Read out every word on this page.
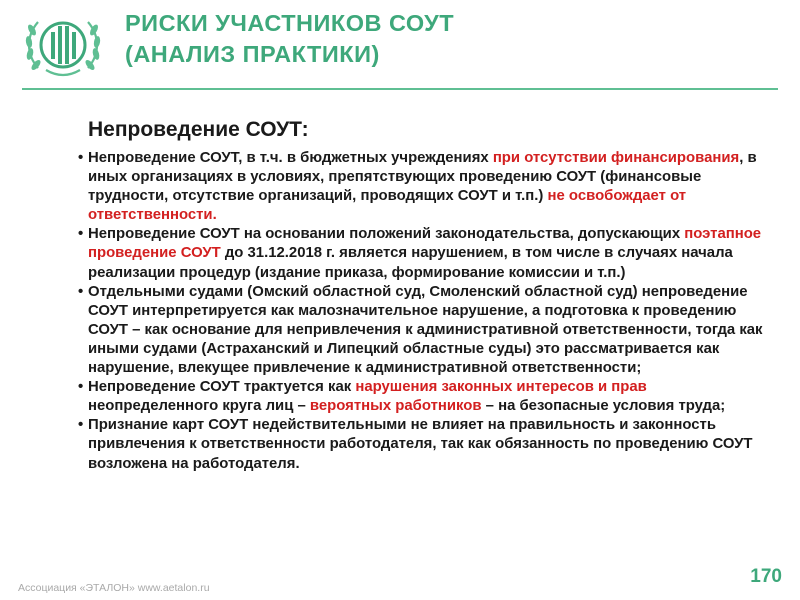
РИСКИ УЧАСТНИКОВ СОУТ
(АНАЛИЗ ПРАКТИКИ)
Непроведение СОУТ:
• Непроведение СОУТ, в т.ч. в бюджетных учреждениях при отсутствии финансирования, в иных организациях в условиях, препятствующих проведению СОУТ (финансовые трудности, отсутствие организаций, проводящих СОУТ и т.п.) не освобождает от ответственности.
• Непроведение СОУТ на основании положений законодательства, допускающих поэтапное проведение СОУТ до 31.12.2018 г. является нарушением, в том числе в случаях начала реализации процедур (издание приказа, формирование комиссии и т.п.)
• Отдельными судами (Омский областной суд, Смоленский областной суд) непроведение СОУТ интерпретируется как малозначительное нарушение, а подготовка к проведению СОУТ – как основание для непривлечения к административной ответственности, тогда как иными судами (Астраханский и Липецкий областные суды) это рассматривается как нарушение, влекущее привлечение к административной ответственности;
• Непроведение СОУТ трактуется как нарушения законных интересов и прав неопределенного круга лиц – вероятных работников – на безопасные условия труда;
• Признание карт СОУТ недействительными не влияет на правильность и законность привлечения к ответственности работодателя, так как обязанность по проведению СОУТ возложена на работодателя.
Ассоциация «ЭТАЛОН» www.aetalon.ru
170
